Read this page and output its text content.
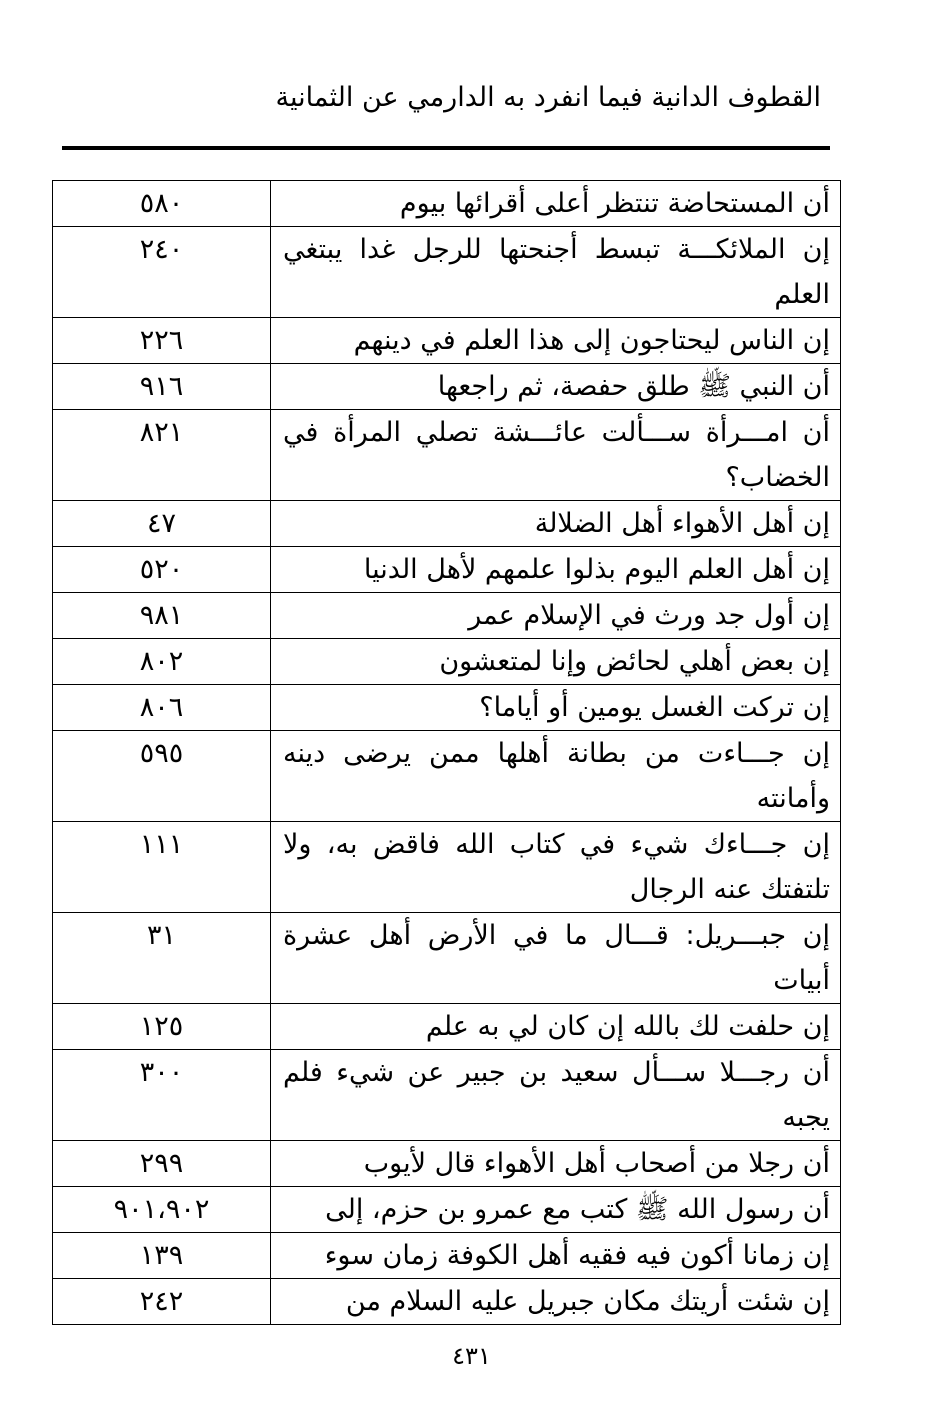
القطوف الدانية فيما انفرد به الدارمي عن الثمانية
أن المستحاضة تنتظر أعلى أقرائها بيوم	٥٨٠
إن الملائكـــة تبسط أجنحتها للرجل غدا يبتغي العلم	٢٤٠
إن الناس ليحتاجون إلى هذا العلم في دينهم	٢٢٦
أن النبي ﷺ طلق حفصة، ثم راجعها	٩١٦
أن امـــرأة ســـألت عائـــشة تصلي المرأة في الخضاب؟	٨٢١
إن أهل الأهواء أهل الضلالة	٤٧
إن أهل العلم اليوم بذلوا علمهم لأهل الدنيا	٥٢٠
إن أول جد ورث في الإسلام عمر	٩٨١
إن بعض أهلي لحائض وإنا لمتعشون	٨٠٢
إن تركت الغسل يومين أو أياما؟	٨٠٦
إن جـــاءت من بطانة أهلها ممن يرضى دينه وأمانته	٥٩٥
إن جـــاءك شيء في كتاب الله فاقض به، ولا تلتفتك عنه الرجال	١١١
إن جبـــريل: قـــال ما في الأرض أهل عشرة أبيات	٣١
إن حلفت لك بالله إن كان لي به علم	١٢٥
أن رجـــلا ســـأل سعيد بن جبير عن شيء فلم يجبه	٣٠٠
أن رجلا من أصحاب أهل الأهواء قال لأيوب	٢٩٩
أن رسول الله ﷺ كتب مع عمرو بن حزم، إلى	٩٠١،٩٠٢
إن زمانا أكون فيه فقيه أهل الكوفة زمان سوء	١٣٩
إن شئت أريتك مكان جبريل عليه السلام من	٢٤٢
٤٣١
